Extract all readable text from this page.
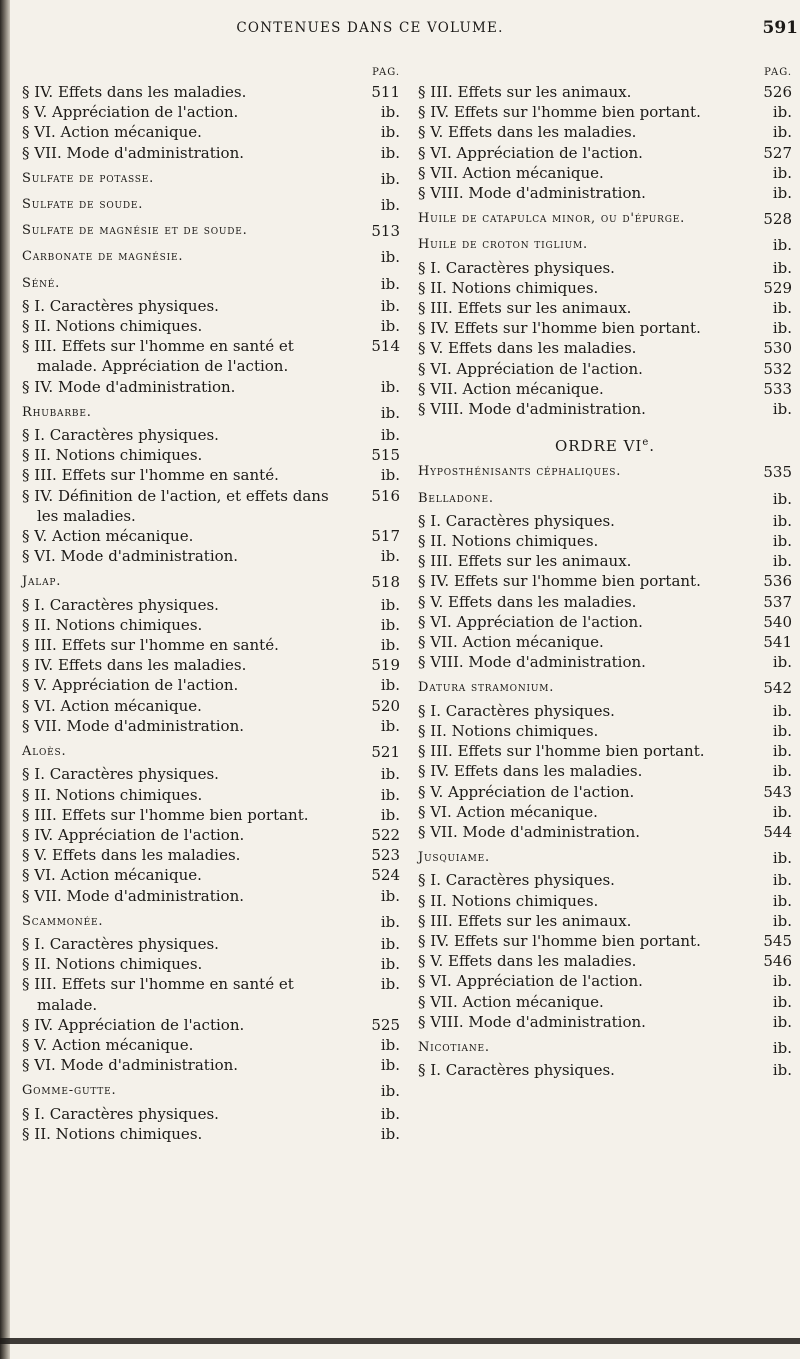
CONTENUES DANS CE VOLUME.	591
PAG.
§ IV. Effets dans les maladies.	511
§ V. Appréciation de l'action.	ib.
§ VI. Action mécanique.	ib.
§ VII. Mode d'administration.	ib.
Sulfate de potasse.	ib.
Sulfate de soude.	ib.
Sulfate de magnésie et de soude.	513
Carbonate de magnésie.	ib.
Séné.	ib.
§ I. Caractères physiques.	ib.
§ II. Notions chimiques.	ib.
§ III. Effets sur l'homme en santé et malade. Appréciation de l'action.
514
§ IV. Mode d'administration.	ib.
Rhubarbe.	ib.
§ I. Caractères physiques.	ib.
§ II. Notions chimiques.	515
§ III. Effets sur l'homme en santé.	ib.
§ IV. Définition de l'action, et effets dans les maladies.
516
§ V. Action mécanique.	517
§ VI. Mode d'administration.	ib.
Jalap.	518
§ I. Caractères physiques.	ib.
§ II. Notions chimiques.	ib.
§ III. Effets sur l'homme en santé.	ib.
§ IV. Effets dans les maladies.	519
§ V. Appréciation de l'action.	ib.
§ VI. Action mécanique.	520
§ VII. Mode d'administration.	ib.
Aloès.	521
§ I. Caractères physiques.	ib.
§ II. Notions chimiques.	ib.
§ III. Effets sur l'homme bien portant.	ib.
§ IV. Appréciation de l'action.	522
§ V. Effets dans les maladies.	523
§ VI. Action mécanique.	524
§ VII. Mode d'administration.	ib.
Scammonée.	ib.
§ I. Caractères physiques.	ib.
§ II. Notions chimiques.	ib.
§ III. Effets sur l'homme en santé et malade.
ib.
§ IV. Appréciation de l'action.	525
§ V. Action mécanique.	ib.
§ VI. Mode d'administration.	ib.
Gomme-gutte.	ib.
§ I. Caractères physiques.	ib.
§ II. Notions chimiques.	ib.
PAG.
§ III. Effets sur les animaux.	526
§ IV. Effets sur l'homme bien portant.	ib.
§ V. Effets dans les maladies.	ib.
§ VI. Appréciation de l'action.	527
§ VII. Action mécanique.	ib.
§ VIII. Mode d'administration.	ib.
Huile de catapulca minor, ou d'épurge.	528
Huile de croton tiglium.	ib.
§ I. Caractères physiques.	ib.
§ II. Notions chimiques.	529
§ III. Effets sur les animaux.	ib.
§ IV. Effets sur l'homme bien portant.	ib.
§ V. Effets dans les maladies.	530
§ VI. Appréciation de l'action.	532
§ VII. Action mécanique.	533
§ VIII. Mode d'administration.	ib.
ORDRE VIe.
Hyposthénisants céphaliques.	535
Belladone.	ib.
§ I. Caractères physiques.	ib.
§ II. Notions chimiques.	ib.
§ III. Effets sur les animaux.	ib.
§ IV. Effets sur l'homme bien portant.	536
§ V. Effets dans les maladies.	537
§ VI. Appréciation de l'action.	540
§ VII. Action mécanique.	541
§ VIII. Mode d'administration.	ib.
Datura stramonium.	542
§ I. Caractères physiques.	ib.
§ II. Notions chimiques.	ib.
§ III. Effets sur l'homme bien portant.	ib.
§ IV. Effets dans les maladies.	ib.
§ V. Appréciation de l'action.	543
§ VI. Action mécanique.	ib.
§ VII. Mode d'administration.	544
Jusquiame.	ib.
§ I. Caractères physiques.	ib.
§ II. Notions chimiques.	ib.
§ III. Effets sur les animaux.	ib.
§ IV. Effets sur l'homme bien portant.	545
§ V. Effets dans les maladies.	546
§ VI. Appréciation de l'action.	ib.
§ VII. Action mécanique.	ib.
§ VIII. Mode d'administration.	ib.
Nicotiane.	ib.
§ I. Caractères physiques.	ib.
